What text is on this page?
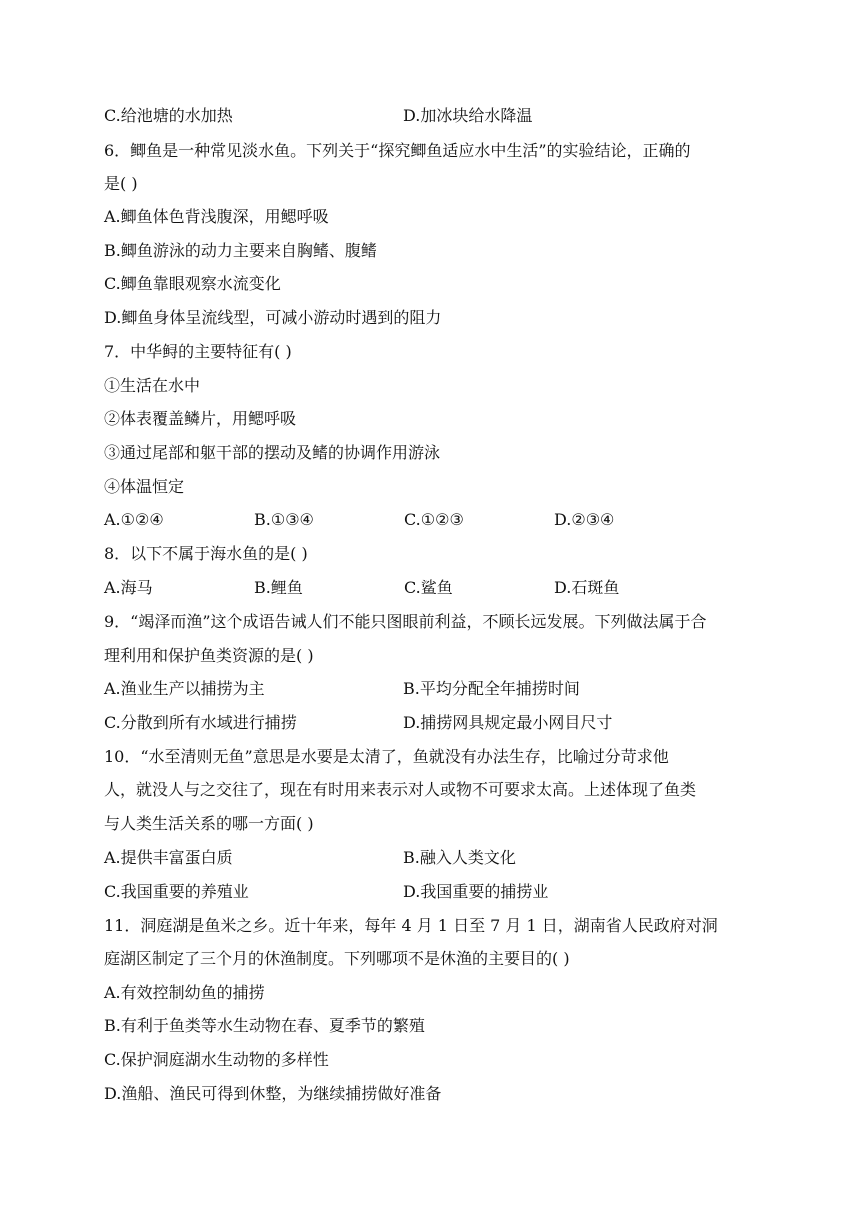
C.给池塘的水加热	D.加冰块给水降温
6．鲫鱼是一种常见淡水鱼。下列关于“探究鲫鱼适应水中生活”的实验结论，正确的
是( )
A.鲫鱼体色背浅腹深，用鳃呼吸
B.鲫鱼游泳的动力主要来自胸鳍、腹鳍
C.鲫鱼靠眼观察水流变化
D.鲫鱼身体呈流线型，可减小游动时遇到的阻力
7．中华鲟的主要特征有( )
①生活在水中
②体表覆盖鳞片，用鳃呼吸
③通过尾部和躯干部的摆动及鳍的协调作用游泳
④体温恒定
A.①②④	B.①③④	C.①②③	D.②③④
8．以下不属于海水鱼的是( )
A.海马	B.鲤鱼	C.鲨鱼	D.石斑鱼
9．“竭泽而渔”这个成语告诫人们不能只图眼前利益，不顾长远发展。下列做法属于合
理利用和保护鱼类资源的是( )
A.渔业生产以捕捞为主	B.平均分配全年捕捞时间
C.分散到所有水域进行捕捞	D.捕捞网具规定最小网目尺寸
10．“水至清则无鱼”意思是水要是太清了，鱼就没有办法生存，比喻过分苛求他
人，就没人与之交往了，现在有时用来表示对人或物不可要求太高。上述体现了鱼类
与人类生活关系的哪一方面( )
A.提供丰富蛋白质	B.融入人类文化
C.我国重要的养殖业	D.我国重要的捕捞业
11．洞庭湖是鱼米之乡。近十年来，每年 4 月 1 日至 7 月 1 日，湖南省人民政府对洞
庭湖区制定了三个月的休渔制度。下列哪项不是休渔的主要目的( )
A.有效控制幼鱼的捕捞
B.有利于鱼类等水生动物在春、夏季节的繁殖
C.保护洞庭湖水生动物的多样性
D.渔船、渔民可得到休整，为继续捕捞做好准备
